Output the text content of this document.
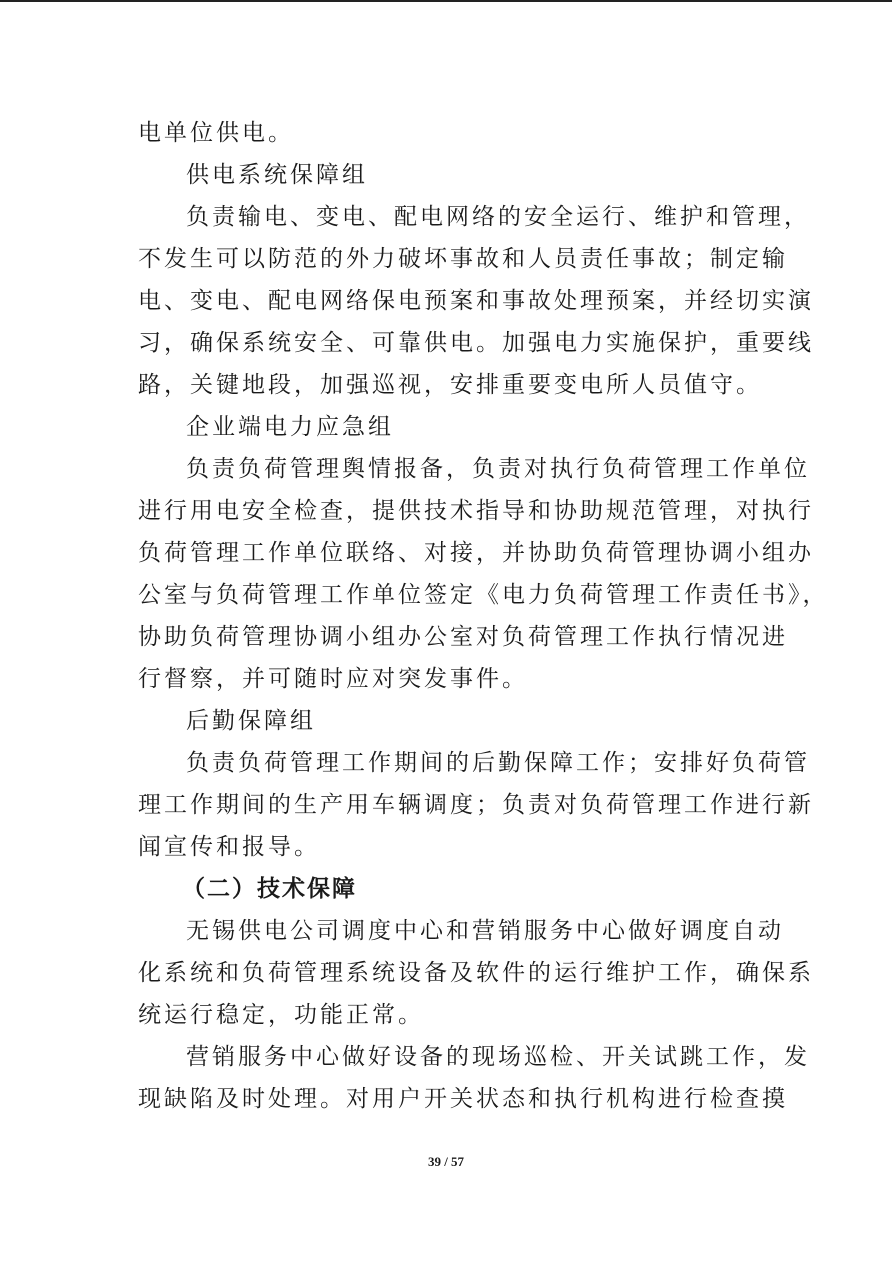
电单位供电。
供电系统保障组
负责输电、变电、配电网络的安全运行、维护和管理，
不发生可以防范的外力破坏事故和人员责任事故；制定输
电、变电、配电网络保电预案和事故处理预案，并经切实演
习，确保系统安全、可靠供电。加强电力实施保护，重要线
路，关键地段，加强巡视，安排重要变电所人员值守。
企业端电力应急组
负责负荷管理舆情报备，负责对执行负荷管理工作单位
进行用电安全检查，提供技术指导和协助规范管理，对执行
负荷管理工作单位联络、对接，并协助负荷管理协调小组办
公室与负荷管理工作单位签定《电力负荷管理工作责任书》，
协助负荷管理协调小组办公室对负荷管理工作执行情况进
行督察，并可随时应对突发事件。
后勤保障组
负责负荷管理工作期间的后勤保障工作；安排好负荷管
理工作期间的生产用车辆调度；负责对负荷管理工作进行新
闻宣传和报导。
（二）技术保障
无锡供电公司调度中心和营销服务中心做好调度自动
化系统和负荷管理系统设备及软件的运行维护工作，确保系
统运行稳定，功能正常。
营销服务中心做好设备的现场巡检、开关试跳工作，发
现缺陷及时处理。对用户开关状态和执行机构进行检查摸
39 / 57
